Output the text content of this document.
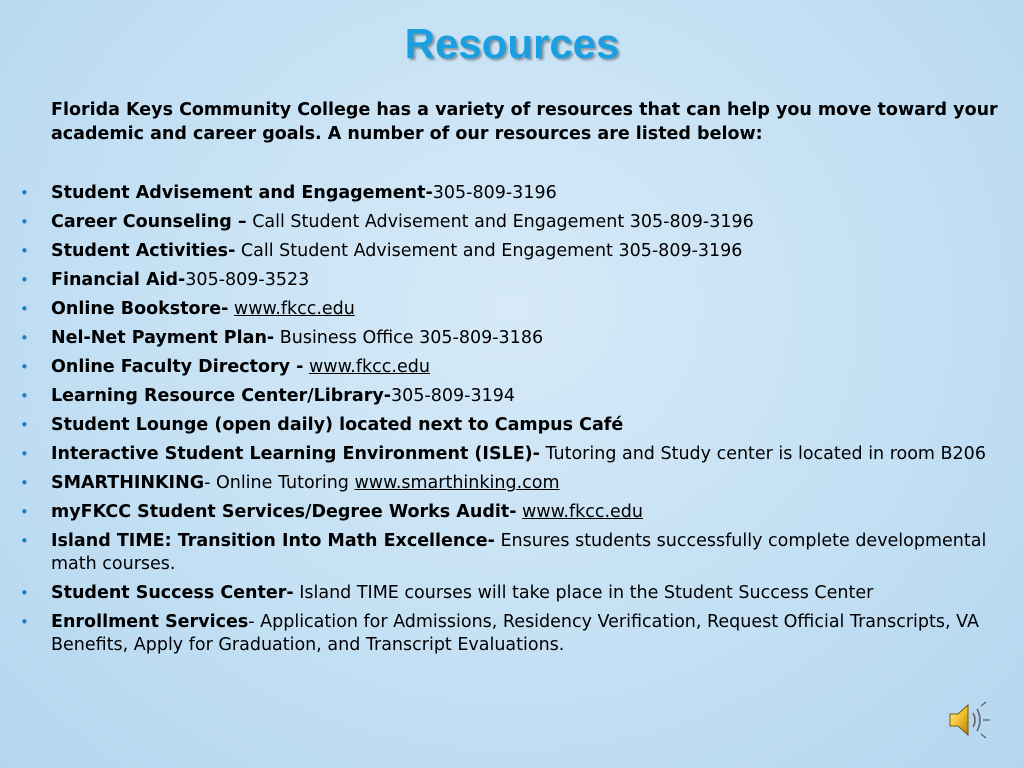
Resources

Florida Keys Community College has a variety of resources that can help you move toward your academic and career goals. A number of our resources are listed below:

• Student Advisement and Engagement-305-809-3196
• Career Counseling – Call Student Advisement and Engagement 305-809-3196
• Student Activities- Call Student Advisement and Engagement 305-809-3196
• Financial Aid-305-809-3523
• Online Bookstore- www.fkcc.edu
• Nel-Net Payment Plan- Business Office 305-809-3186
• Online Faculty Directory - www.fkcc.edu
• Learning Resource Center/Library-305-809-3194
• Student Lounge (open daily) located next to Campus Café
• Interactive Student Learning Environment (ISLE)- Tutoring and Study center is located in room B206
• SMARTHINKING- Online Tutoring www.smarthinking.com
• myFKCC Student Services/Degree Works Audit- www.fkcc.edu
• Island TIME: Transition Into Math Excellence- Ensures students successfully complete developmental math courses.
• Student Success Center- Island TIME courses will take place in the Student Success Center
• Enrollment Services- Application for Admissions, Residency Verification, Request Official Transcripts, VA Benefits, Apply for Graduation, and Transcript Evaluations.
